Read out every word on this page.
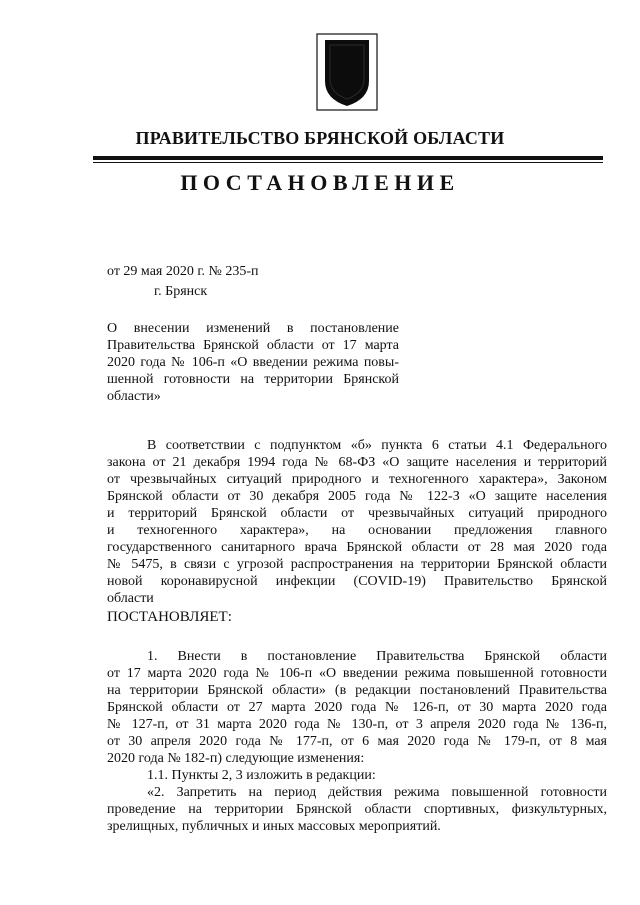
ПРАВИТЕЛЬСТВО БРЯНСКОЙ ОБЛАСТИ
ПОСТАНОВЛЕНИЕ
от 29 мая 2020 г. № 235-п
г. Брянск
О внесении изменений в постановление
Правительства Брянской области от 17 марта
2020 года № 106-п «О введении режима повы-
шенной готовности на территории Брянской
области»
В соответствии с подпунктом «б» пункта 6 статьи 4.1 Федерального
закона от 21 декабря 1994 года № 68-ФЗ «О защите населения и территорий
от чрезвычайных ситуаций природного и техногенного характера», Законом
Брянской области от 30 декабря 2005 года № 122-З «О защите населения
и территорий Брянской области от чрезвычайных ситуаций природного
и техногенного характера», на основании предложения главного
государственного санитарного врача Брянской области от 28 мая 2020 года
№ 5475, в связи с угрозой распространения на территории Брянской области
новой коронавирусной инфекции (COVID-19) Правительство Брянской
области
ПОСТАНОВЛЯЕТ:
1. Внести в постановление Правительства Брянской области
от 17 марта 2020 года № 106-п «О введении режима повышенной готовности
на территории Брянской области» (в редакции постановлений Правительства
Брянской области от 27 марта 2020 года № 126-п, от 30 марта 2020 года
№ 127-п, от 31 марта 2020 года № 130-п, от 3 апреля 2020 года № 136-п,
от 30 апреля 2020 года № 177-п, от 6 мая 2020 года № 179-п, от 8 мая
2020 года № 182-п) следующие изменения:
1.1. Пункты 2, 3 изложить в редакции:
«2. Запретить на период действия режима повышенной готовности
проведение на территории Брянской области спортивных, физкультурных,
зрелищных, публичных и иных массовых мероприятий.
